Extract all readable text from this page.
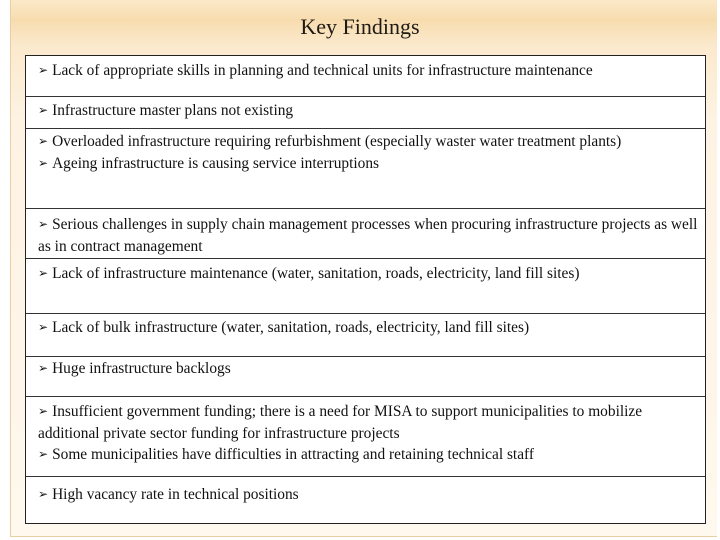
Key Findings
➢ Lack of appropriate skills in planning and technical units for infrastructure maintenance
➢ Infrastructure master plans not existing
➢ Overloaded infrastructure requiring refurbishment (especially waster water treatment plants)
➢ Ageing infrastructure is causing service interruptions
➢ Serious challenges in supply chain management processes when procuring infrastructure projects as well as in contract management
➢ Lack of infrastructure maintenance (water, sanitation, roads, electricity, land fill sites)
➢ Lack of bulk infrastructure (water, sanitation, roads, electricity, land fill sites)
➢ Huge infrastructure backlogs
➢ Insufficient government funding; there is a need for MISA to support municipalities to mobilize additional private sector funding for infrastructure projects
➢ Some municipalities have difficulties in attracting and retaining technical staff
➢ High vacancy rate in technical positions
